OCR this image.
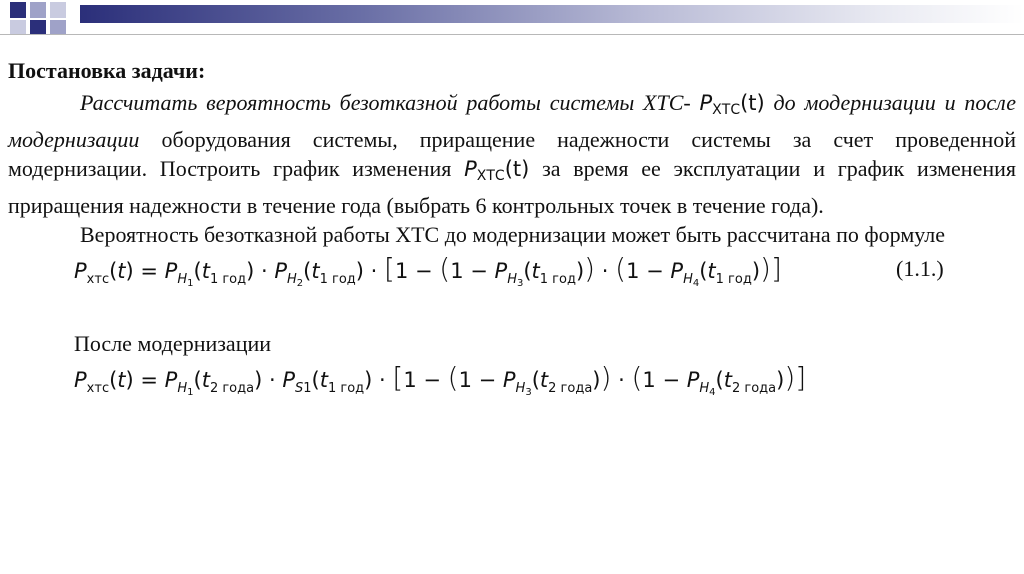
Постановка задачи:

Рассчитать вероятность безотказной работы системы ХТС- $P_{ХТС}(t)$ до модернизации и после модернизации оборудования системы, приращение надежности системы за счет проведенной модернизации. Построить график изменения $P_{ХТС}(t)$ за время ее эксплуатации и график изменения приращения надежности в течение года (выбрать 6 контрольных точек в течение года).

Вероятность безотказной работы ХТС до модернизации может быть рассчитана по формуле

$P_{хтс}(t) = P_{H_1}(t_{1 год}) \cdot P_{H_2}(t_{1 год}) \cdot [1 - (1 - P_{H_3}(t_{1 год})) \cdot (1 - P_{H_4}(t_{1 год}))]$	(1.1.)

После модернизации

$P_{хтс}(t) = P_{H_1}(t_{2 года}) \cdot P_{S1}(t_{1 год}) \cdot [1 - (1 - P_{H_3}(t_{2 года})) \cdot (1 - P_{H_4}(t_{2 года}))]$
